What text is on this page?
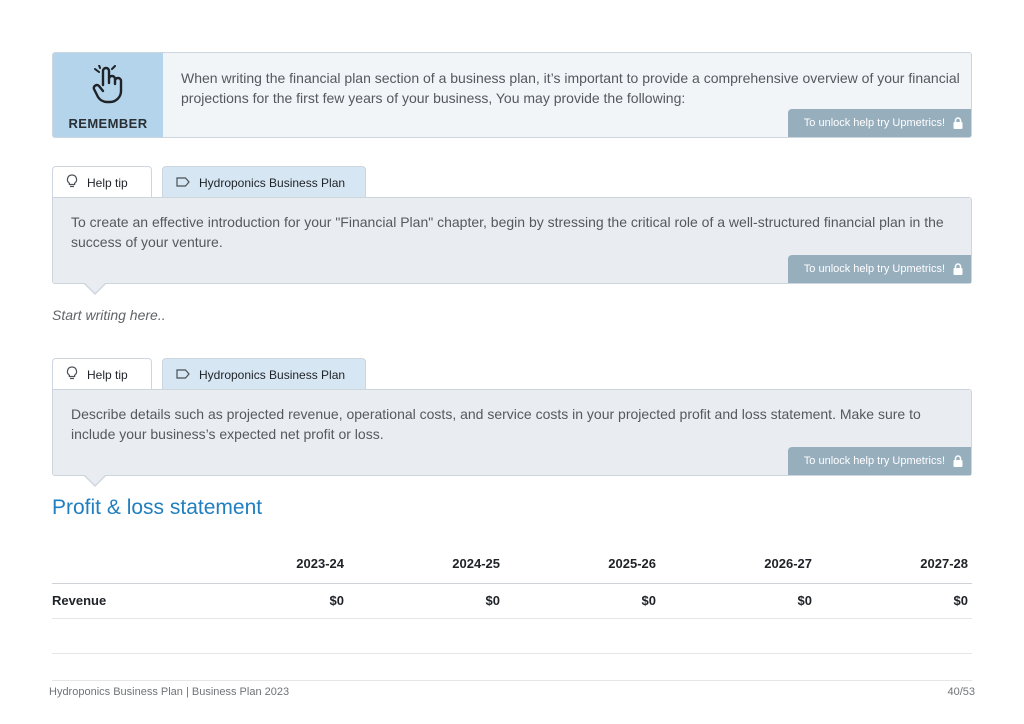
REMEMBER
When writing the financial plan section of a business plan, it’s important to provide a comprehensive overview of your financial projections for the first few years of your business, You may provide the following:
To unlock help try Upmetrics!
Help tip	Hydroponics Business Plan
To create an effective introduction for your "Financial Plan" chapter, begin by stressing the critical role of a well-structured financial plan in the success of your venture.
To unlock help try Upmetrics!
Start writing here..
Help tip	Hydroponics Business Plan
Describe details such as projected revenue, operational costs, and service costs in your projected profit and loss statement. Make sure to include your business’s expected net profit or loss.
To unlock help try Upmetrics!
Profit & loss statement
	2023-24	2024-25	2025-26	2026-27	2027-28
Revenue	$0	$0	$0	$0	$0

Hydroponics Business Plan | Business Plan 2023	40/53
